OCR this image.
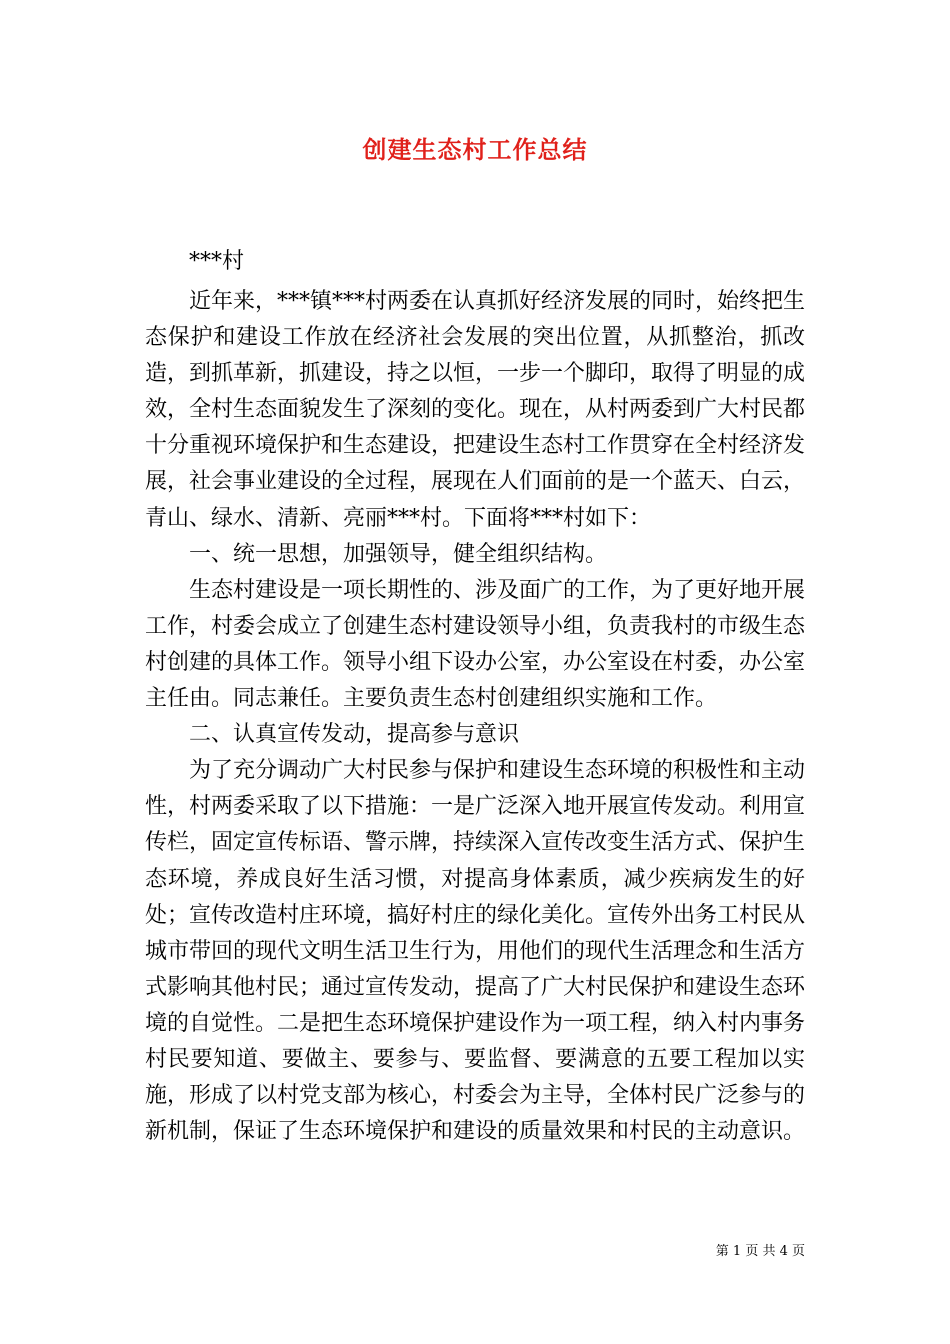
创建生态村工作总结

***村

近年来，***镇***村两委在认真抓好经济发展的同时，始终把生态保护和建设工作放在经济社会发展的突出位置，从抓整治，抓改造，到抓革新，抓建设，持之以恒，一步一个脚印，取得了明显的成效，全村生态面貌发生了深刻的变化。现在，从村两委到广大村民都十分重视环境保护和生态建设，把建设生态村工作贯穿在全村经济发展，社会事业建设的全过程，展现在人们面前的是一个蓝天、白云，青山、绿水、清新、亮丽***村。下面将***村如下：

一、统一思想，加强领导，健全组织结构。

生态村建设是一项长期性的、涉及面广的工作，为了更好地开展工作，村委会成立了创建生态村建设领导小组，负责我村的市级生态村创建的具体工作。领导小组下设办公室，办公室设在村委，办公室主任由。同志兼任。主要负责生态村创建组织实施和工作。

二、认真宣传发动，提高参与意识

为了充分调动广大村民参与保护和建设生态环境的积极性和主动性，村两委采取了以下措施：一是广泛深入地开展宣传发动。利用宣传栏，固定宣传标语、警示牌，持续深入宣传改变生活方式、保护生态环境，养成良好生活习惯，对提高身体素质，减少疾病发生的好处；宣传改造村庄环境，搞好村庄的绿化美化。宣传外出务工村民从城市带回的现代文明生活卫生行为，用他们的现代生活理念和生活方式影响其他村民；通过宣传发动，提高了广大村民保护和建设生态环境的自觉性。二是把生态环境保护建设作为一项工程，纳入村内事务村民要知道、要做主、要参与、要监督、要满意的五要工程加以实施，形成了以村党支部为核心，村委会为主导，全体村民广泛参与的新机制，保证了生态环境保护和建设的质量效果和村民的主动意识。

第 1 页 共 4 页
